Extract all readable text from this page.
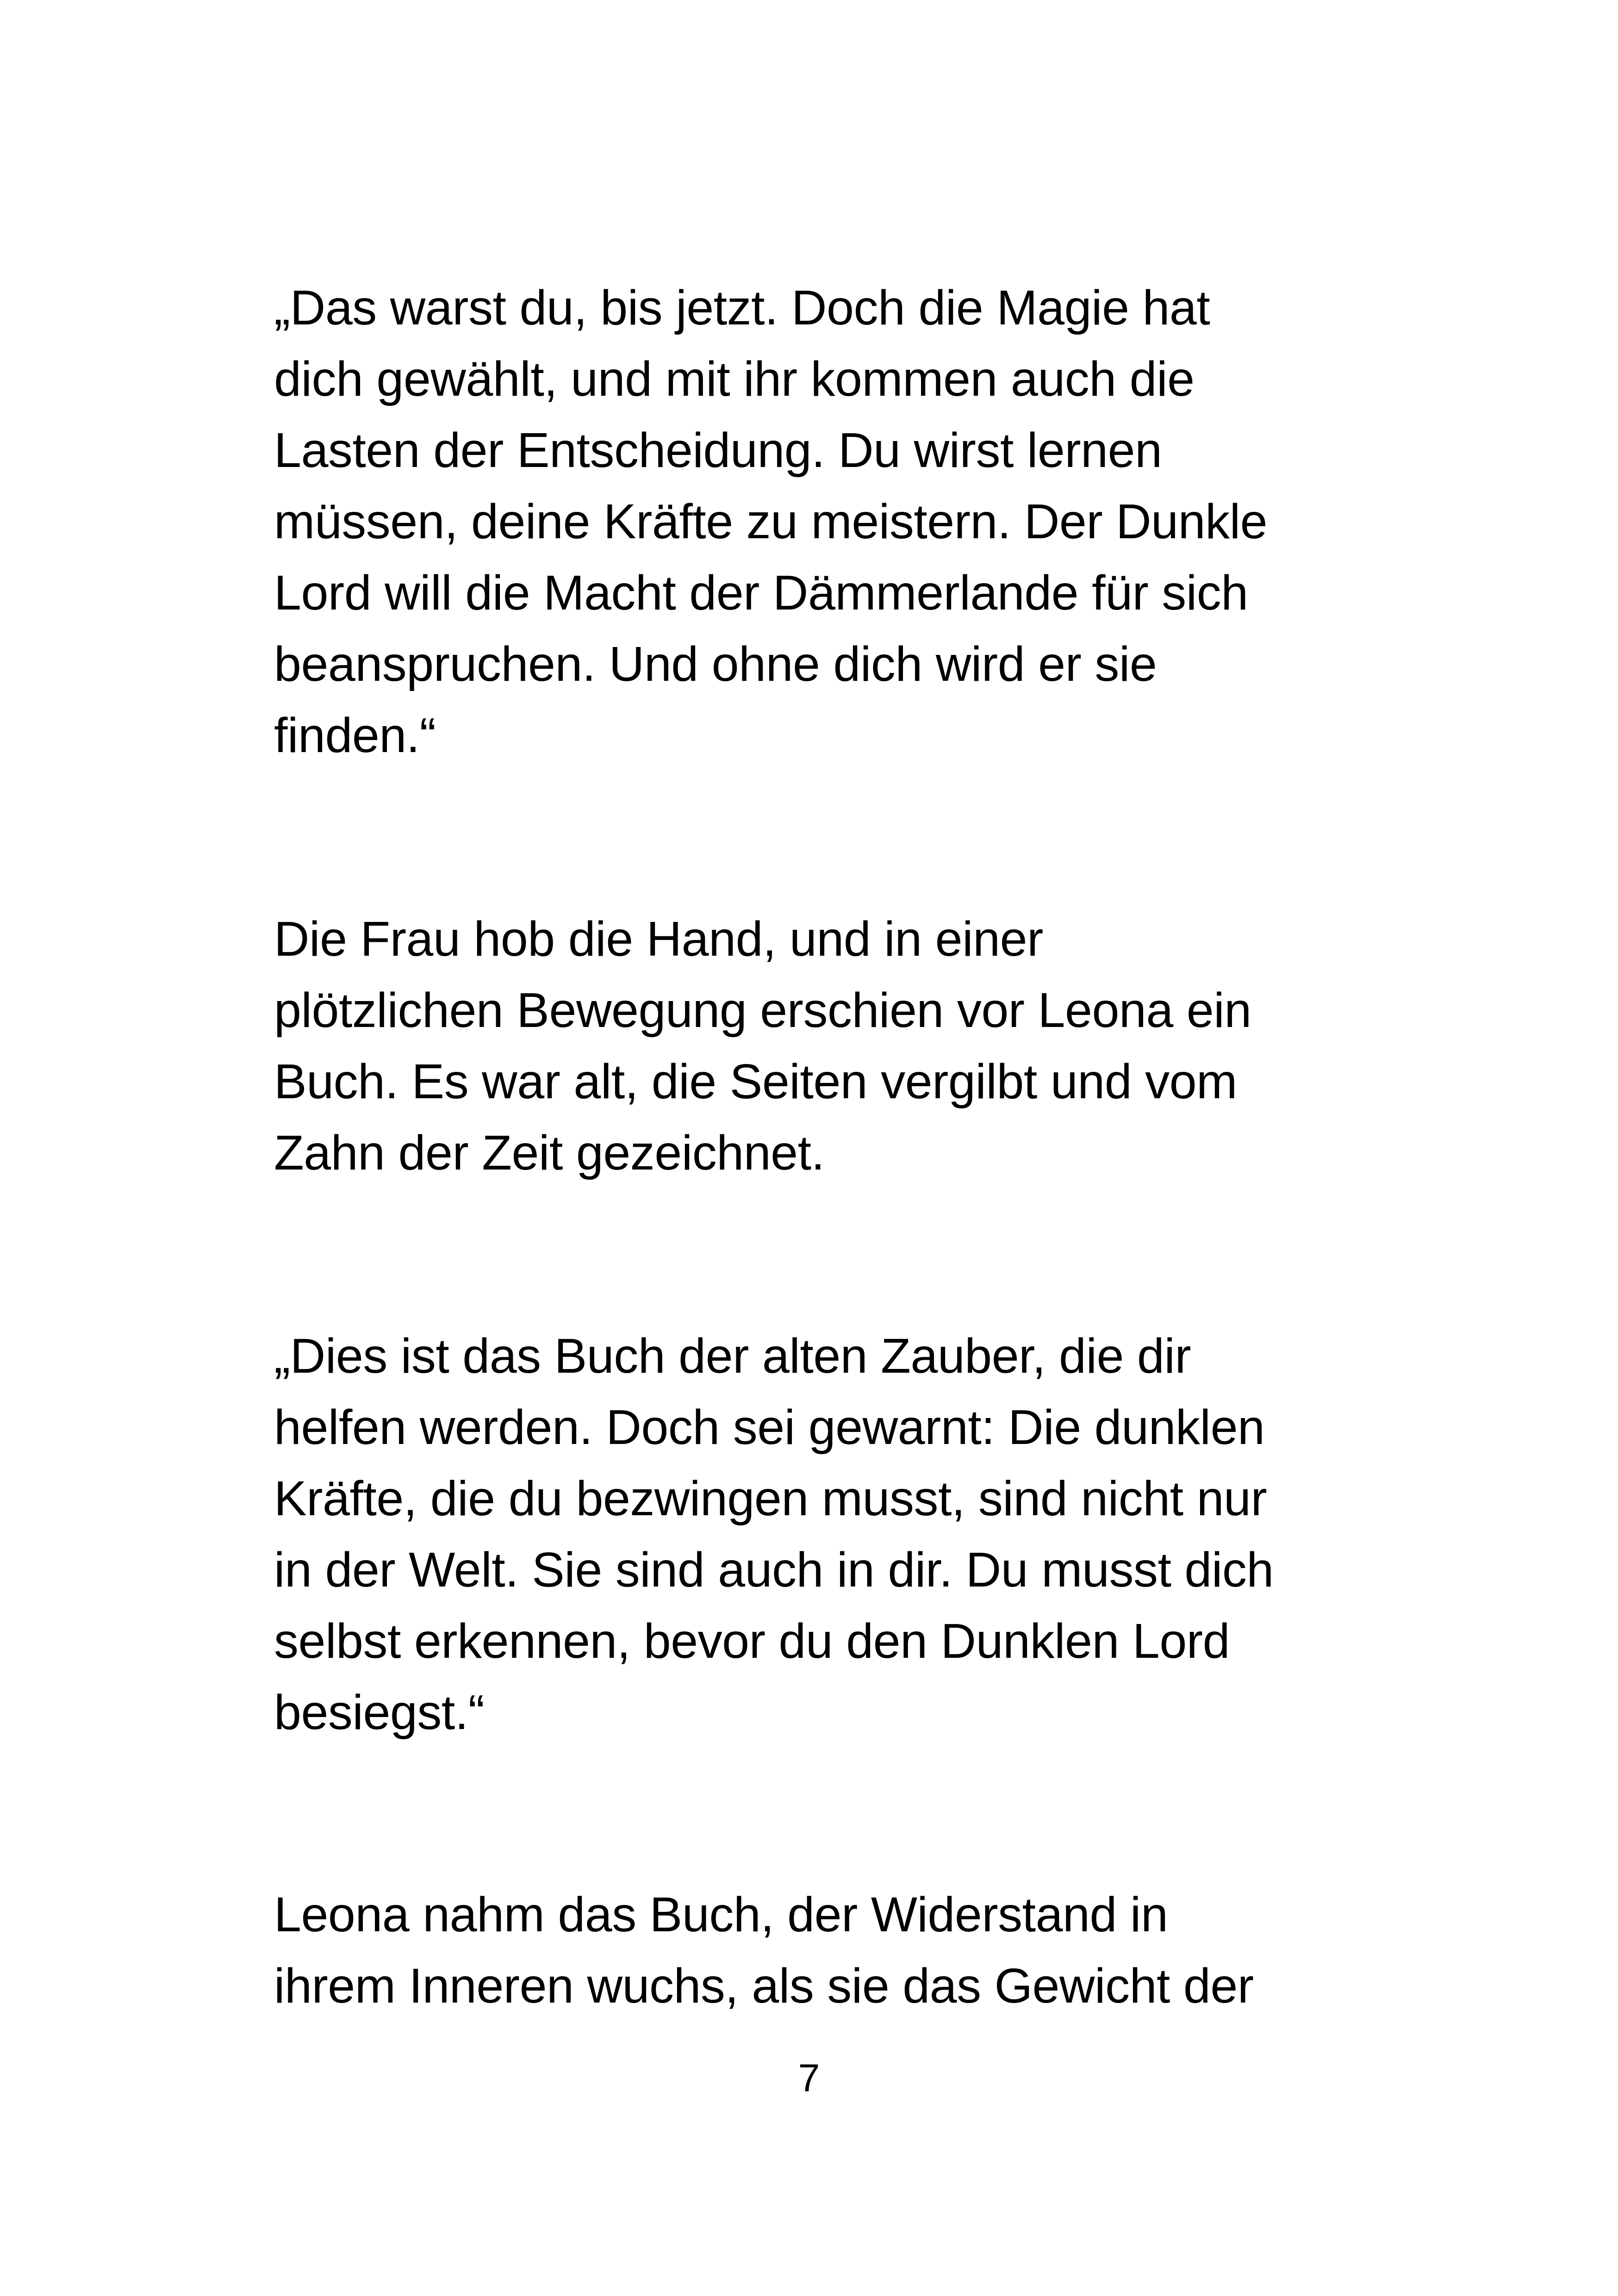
„Das warst du, bis jetzt. Doch die Magie hat
dich gewählt, und mit ihr kommen auch die
Lasten der Entscheidung. Du wirst lernen
müssen, deine Kräfte zu meistern. Der Dunkle
Lord will die Macht der Dämmerlande für sich
beanspruchen. Und ohne dich wird er sie
finden.“
Die Frau hob die Hand, und in einer
plötzlichen Bewegung erschien vor Leona ein
Buch. Es war alt, die Seiten vergilbt und vom
Zahn der Zeit gezeichnet.
„Dies ist das Buch der alten Zauber, die dir
helfen werden. Doch sei gewarnt: Die dunklen
Kräfte, die du bezwingen musst, sind nicht nur
in der Welt. Sie sind auch in dir. Du musst dich
selbst erkennen, bevor du den Dunklen Lord
besiegst.“
Leona nahm das Buch, der Widerstand in
ihrem Inneren wuchs, als sie das Gewicht der
7
